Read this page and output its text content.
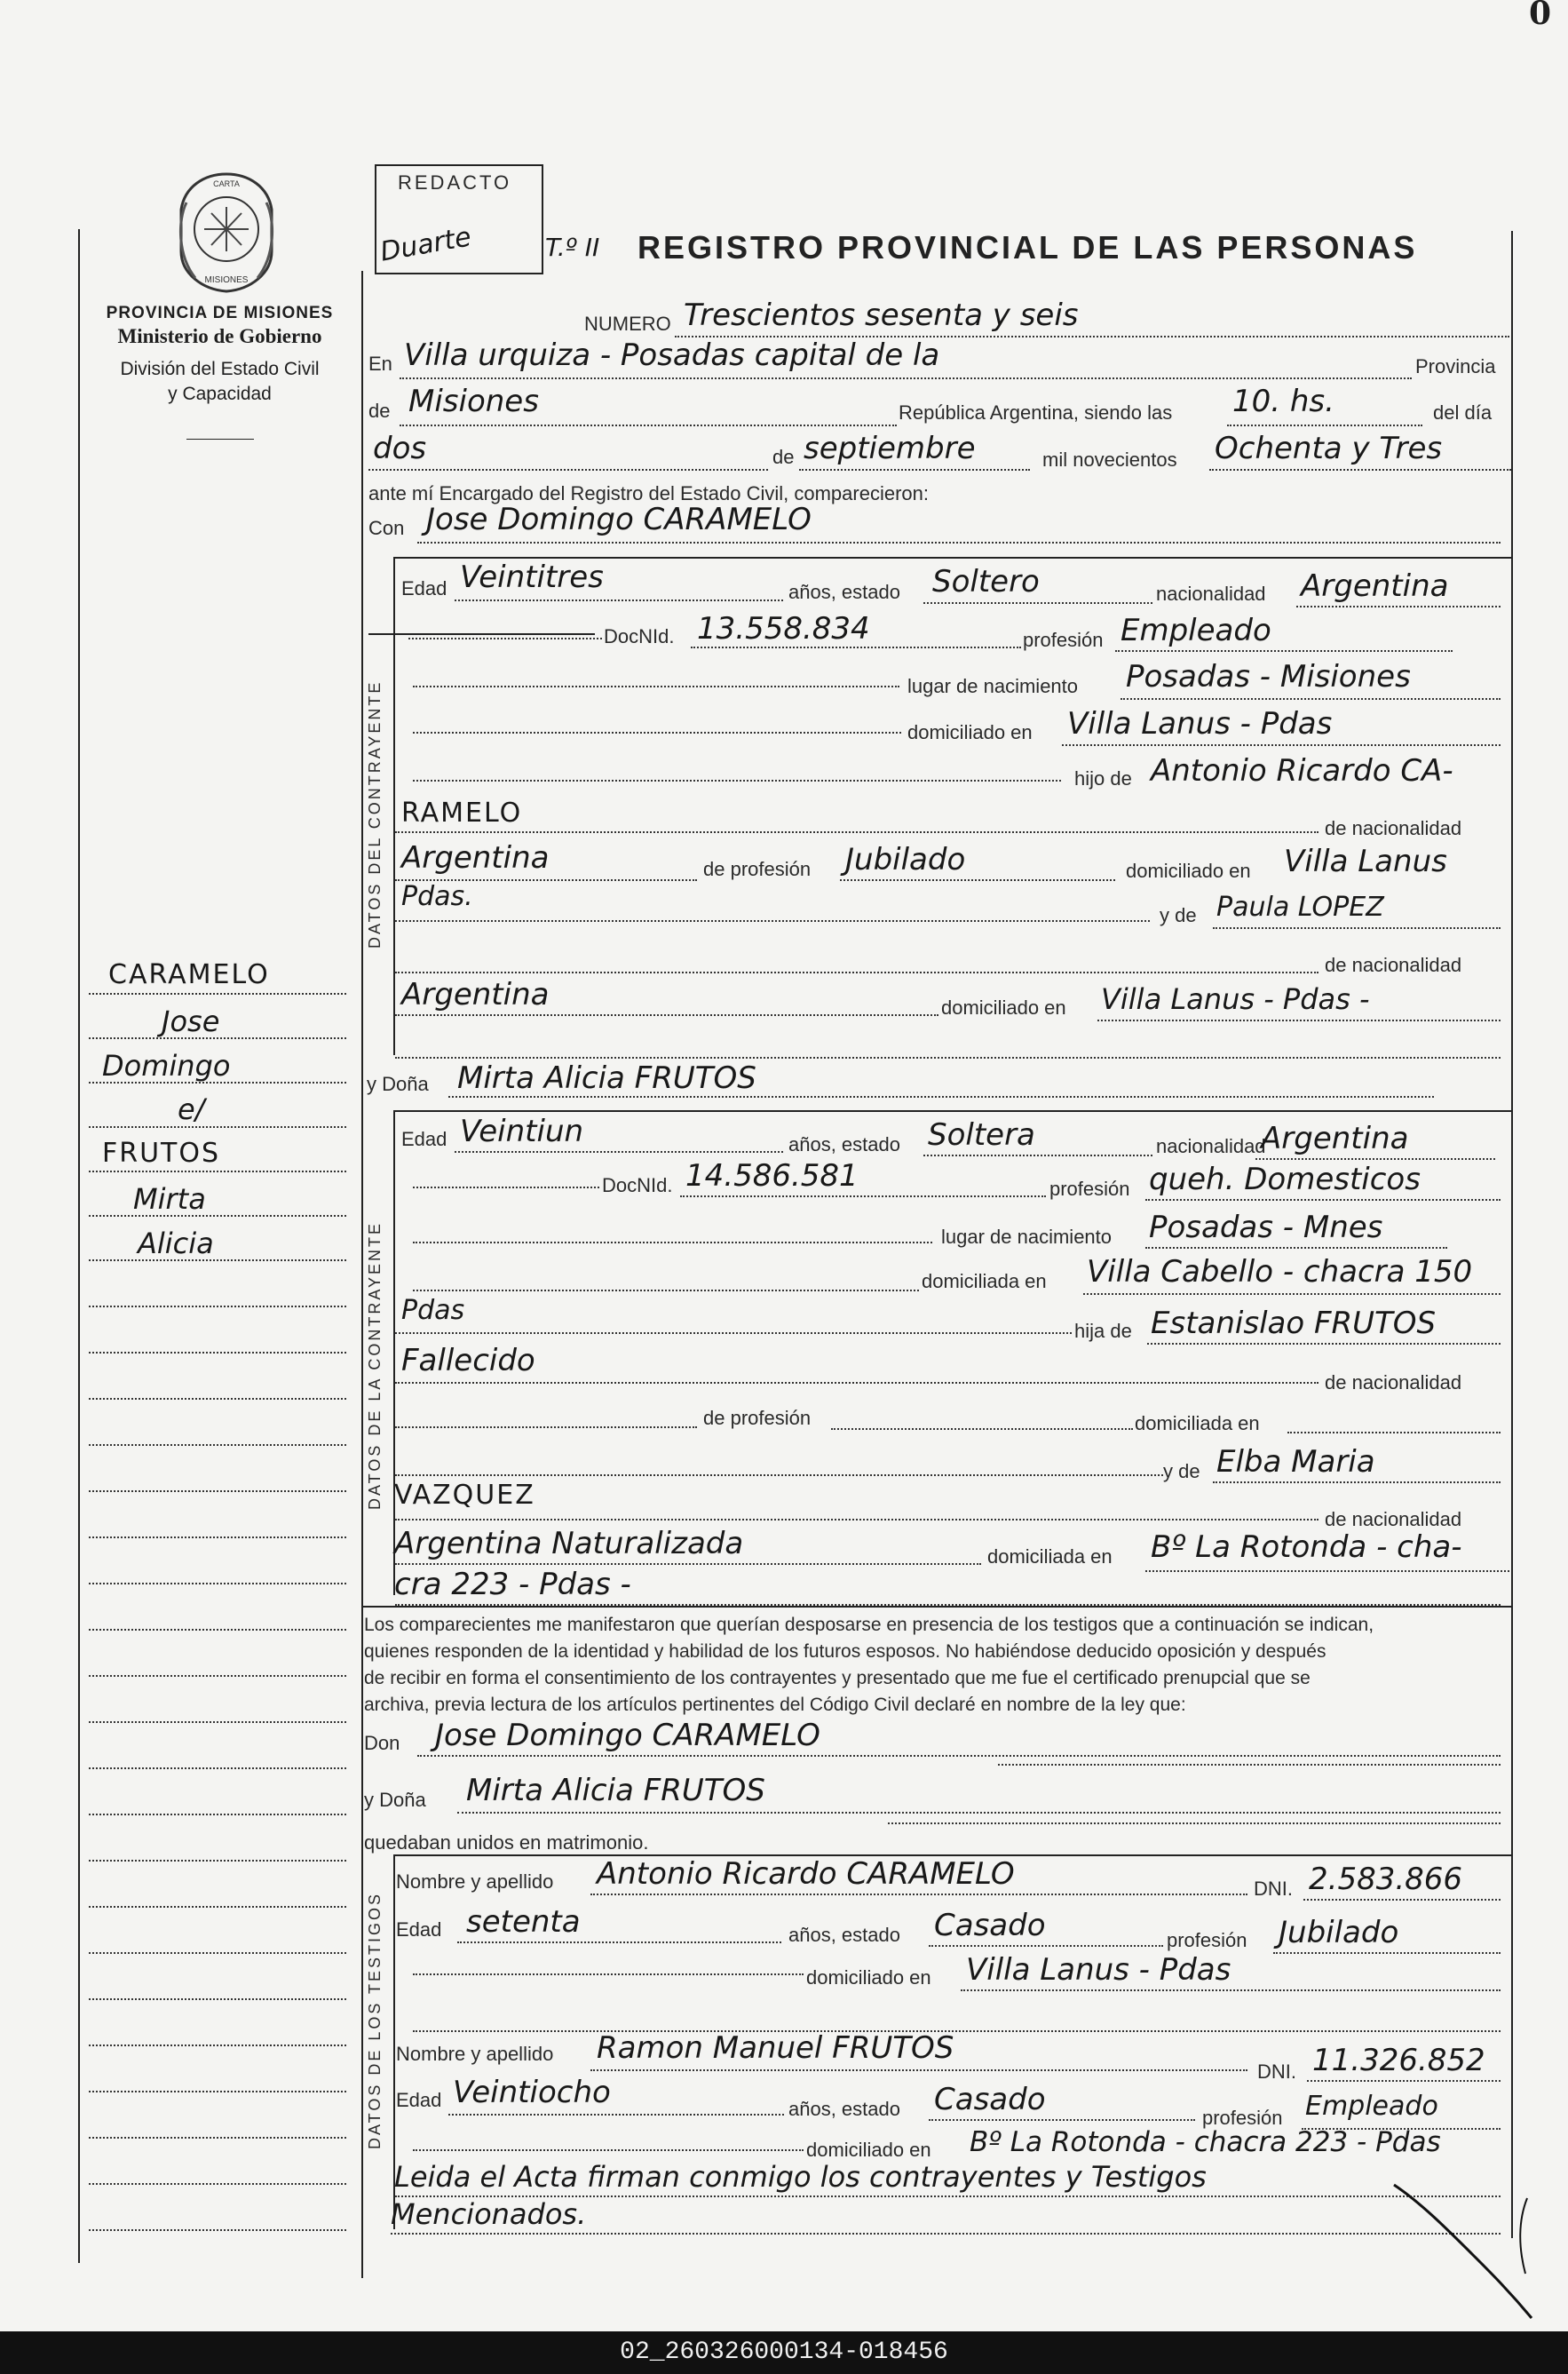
0
CARTA
MISIONES
PROVINCIA DE MISIONES
Ministerio de Gobierno
División del Estado Civil
y Capacidad
REDACTO
Duarte	T.º II REGISTRO PROVINCIAL DE LAS PERSONAS
CARAMELO
Jose
Domingo
e/
FRUTOS
Mirta
Alicia
NUMERO Trescientos sesenta y seis
En Villa urquiza - Posadas capital de la	Provincia
de Misiones	República Argentina, siendo las 10. hs.	del día
dos	de septiembre	mil novecientos Ochenta y Tres
ante mí Encargado del Registro del Estado Civil, comparecieron:
Con Jose Domingo CARAMELO
DATOS DEL CONTRAYENTE
Edad Veintitres	años, estado Soltero	nacionalidad Argentina
DocNId. 13.558.834	profesión Empleado
lugar de nacimiento Posadas - Misiones
domiciliado en Villa Lanus - Pdas
hijo de Antonio Ricardo CA-
RAMELO	de nacionalidad
Argentina	de profesión Jubilado	domiciliado en Villa Lanus
Pdas.
y de Paula LOPEZ
de nacionalidad
Argentina	domiciliado en Villa Lanus - Pdas -
y Doña Mirta Alicia FRUTOS
DATOS DE LA CONTRAYENTE
Edad Veintiun	años, estado Soltera	nacionalidad
Argentina
DocNId. 14.586.581	profesión queh. Domesticos
lugar de nacimiento Posadas - Mnes
domiciliada en Villa Cabello - chacra 150
Pdas
hija de Estanislao FRUTOS
Fallecido
de nacionalidad
de profesión	domiciliada en
y de Elba Maria
VAZQUEZ
de nacionalidad
Argentina Naturalizada	domiciliada en Bº La Rotonda - cha-
cra 223 - Pdas -
Los comparecientes me manifestaron que querían desposarse en presencia de los testigos que a continuación se indican,
quienes responden de la identidad y habilidad de los futuros esposos. No habiéndose deducido oposición y después
de recibir en forma el consentimiento de los contrayentes y presentado que me fue el certificado prenupcial que se
archiva, previa lectura de los artículos pertinentes del Código Civil declaré en nombre de la ley que:
Don Jose Domingo CARAMELO
y Doña Mirta Alicia FRUTOS
quedaban unidos en matrimonio.
DATOS DE LOS TESTIGOS
Nombre y apellido Antonio Ricardo CARAMELO	DNI. 2.583.866
Edad setenta	años, estado Casado	profesión Jubilado
domiciliado en Villa Lanus - Pdas
Nombre y apellido Ramon Manuel FRUTOS
DNI. 11.326.852
Edad Veintiocho	años, estado Casado
profesión Empleado
domiciliado en Bº La Rotonda - chacra 223 - Pdas
Leida el Acta firman conmigo los contrayentes y Testigos
Mencionados.
02_260326000134-018456
